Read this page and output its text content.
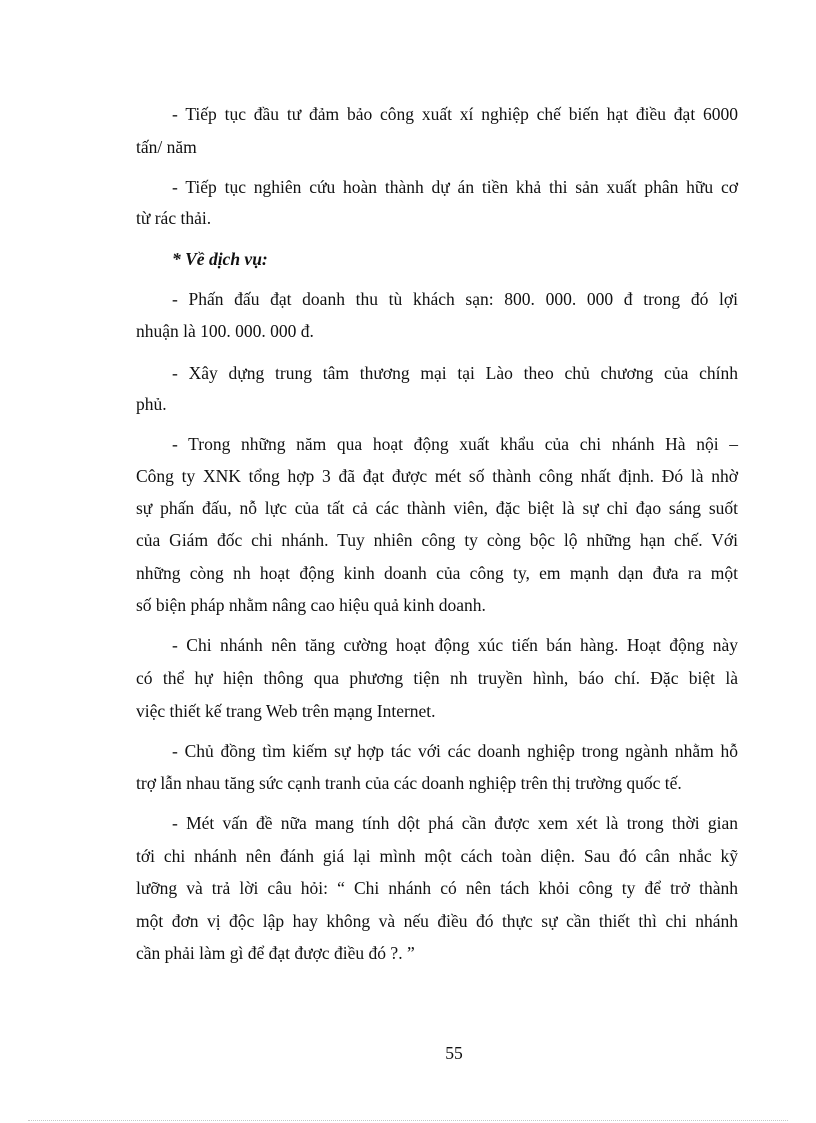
- Tiếp tục đầu tư đảm bảo công xuất xí nghiệp chế biến hạt điều đạt 6000
tấn/ năm
- Tiếp tục nghiên cứu hoàn thành dự án tiền khả thi sản xuất phân hữu cơ
từ rác thải.
* Về dịch vụ:
- Phấn đấu đạt doanh thu tù khách sạn: 800. 000. 000 đ trong đó lợi
nhuận là 100. 000. 000 đ.
- Xây dựng trung tâm thương mại tại Lào theo chủ chương của chính
phủ.
- Trong những năm qua hoạt động xuất khẩu của chi nhánh Hà nội –
Công ty XNK tổng hợp 3 đã đạt được mét số thành công nhất định. Đó là nhờ
sự phấn đấu, nỗ lực của tất cả các thành viên, đặc biệt là sự chỉ đạo sáng suốt
của Giám đốc chi nhánh. Tuy nhiên công ty còng bộc lộ những hạn chế. Với
những còng nh hoạt động kinh doanh của công ty, em mạnh dạn đưa ra một
số biện pháp nhằm nâng cao hiệu quả kinh doanh.
- Chi nhánh nên tăng cường hoạt động xúc tiến bán hàng. Hoạt động này
có thể hự hiện thông qua phương tiện nh truyền hình, báo chí. Đặc biệt là
việc thiết kế trang Web trên mạng Internet.
- Chủ đồng tìm kiếm sự hợp tác với các doanh nghiệp trong ngành nhằm hỗ
trợ lẫn nhau tăng sức cạnh tranh của các doanh nghiệp trên thị trường quốc tế.
- Mét vấn đề nữa mang tính dột phá cần được xem xét là trong thời gian
tới chi nhánh nên đánh giá lại mình một cách toàn diện. Sau đó cân nhắc kỹ
lưỡng và trả lời câu hỏi: “ Chi nhánh có nên tách khỏi công ty để trở thành
một đơn vị độc lập hay không và nếu điều đó thực sự cần thiết thì chi nhánh
cần phải làm gì để đạt được điều đó ?. ”
55
